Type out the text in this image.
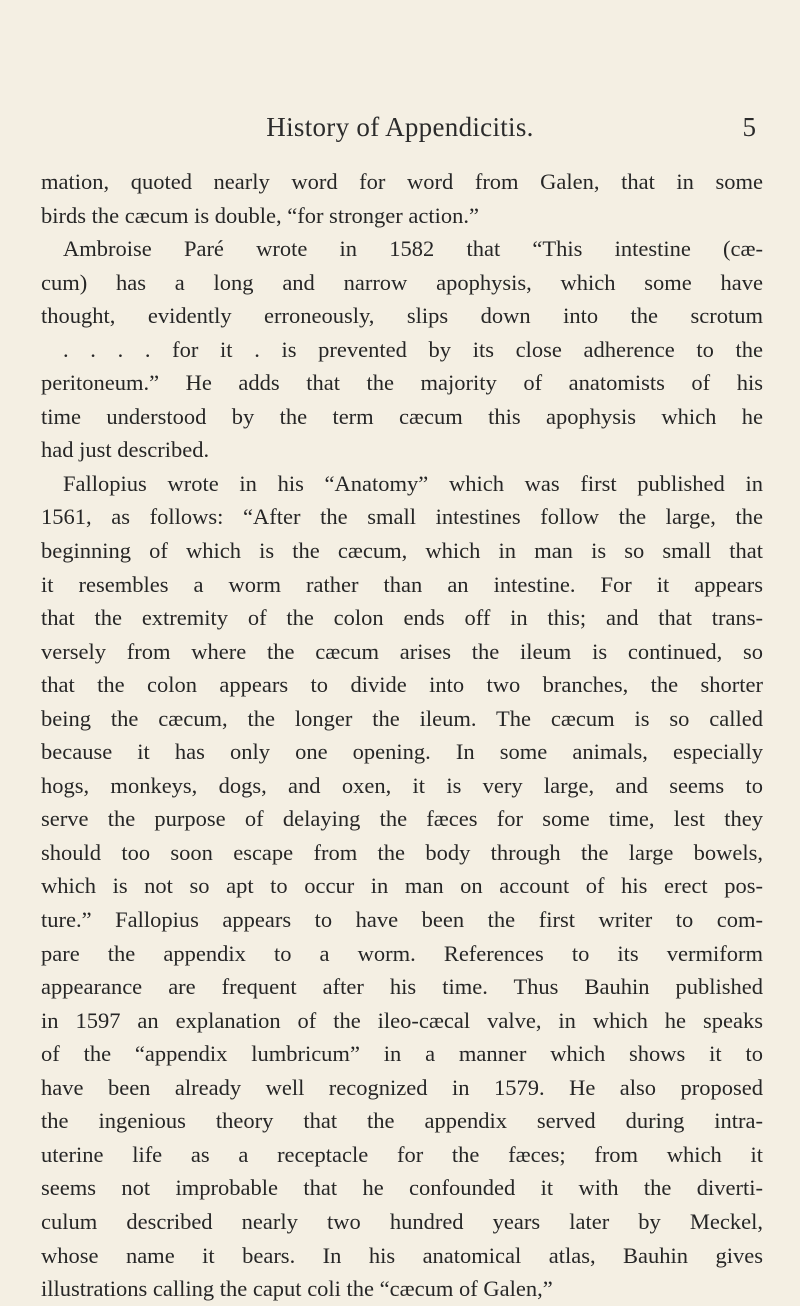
History of Appendicitis.	5
mation, quoted nearly word for word from Galen, that in some
birds the cæcum is double, “for stronger action.”
Ambroise Paré wrote in 1582 that “This intestine (cæ-
cum) has a long and narrow apophysis, which some have
thought, evidently erroneously, slips down into the scrotum
. . . . for it . is prevented by its close adherence to the
peritoneum.” He adds that the majority of anatomists of his
time understood by the term cæcum this apophysis which he
had just described.
Fallopius wrote in his “Anatomy” which was first published in
1561, as follows: “After the small intestines follow the large, the
beginning of which is the cæcum, which in man is so small that
it resembles a worm rather than an intestine. For it appears
that the extremity of the colon ends off in this; and that trans-
versely from where the cæcum arises the ileum is continued, so
that the colon appears to divide into two branches, the shorter
being the cæcum, the longer the ileum. The cæcum is so called
because it has only one opening. In some animals, especially
hogs, monkeys, dogs, and oxen, it is very large, and seems to
serve the purpose of delaying the fæces for some time, lest they
should too soon escape from the body through the large bowels,
which is not so apt to occur in man on account of his erect pos-
ture.” Fallopius appears to have been the first writer to com-
pare the appendix to a worm. References to its vermiform
appearance are frequent after his time. Thus Bauhin published
in 1597 an explanation of the ileo-cæcal valve, in which he speaks
of the “appendix lumbricum” in a manner which shows it to
have been already well recognized in 1579. He also proposed
the ingenious theory that the appendix served during intra-
uterine life as a receptacle for the fæces; from which it
seems not improbable that he confounded it with the diverti-
culum described nearly two hundred years later by Meckel,
whose name it bears. In his anatomical atlas, Bauhin gives
illustrations calling the caput coli the “cæcum of Galen,”
